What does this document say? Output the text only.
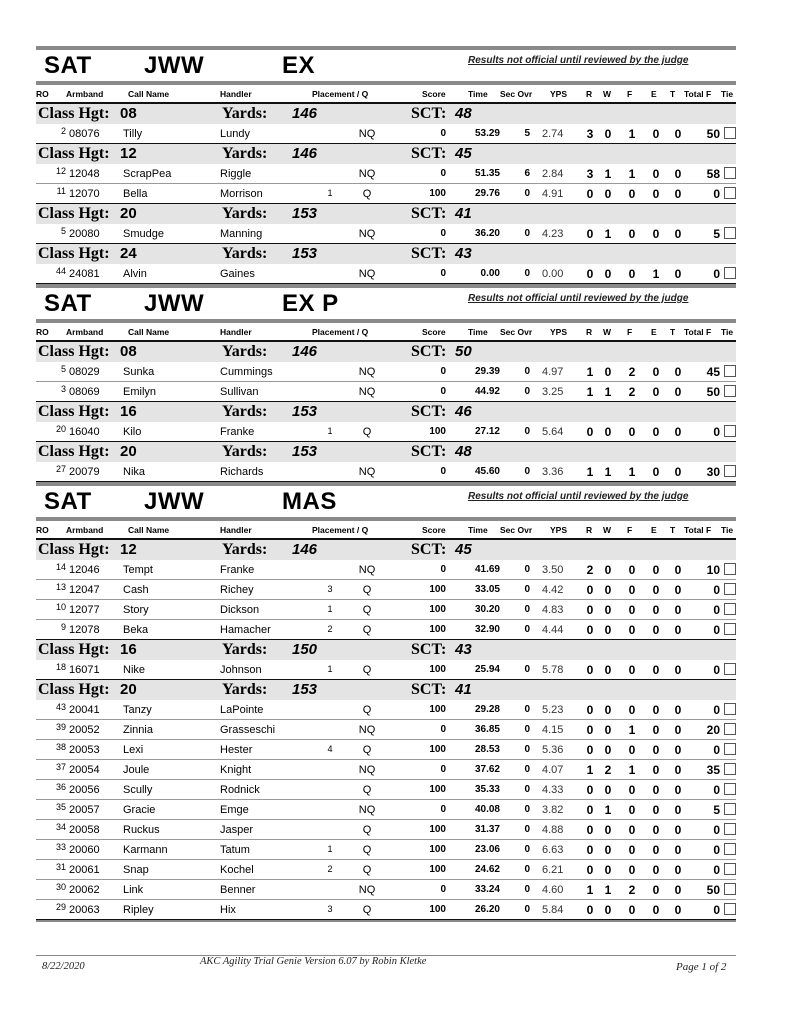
SAT JWW	EX	Results not official until reviewed by the judge
RO Armband	Call Name	Handler	Placement / Q	Score	Time Sec Ovr YPS R W F E T Total F Tie
Class Hgt: 08	Yards: 146	SCT: 48
2 08076 Tilly	Lundy	NQ	0	53.29	5 2.74	3 0 1 0 0	50
Class Hgt: 12	Yards: 146	SCT: 45
12 12048 ScrapPea	Riggle	NQ	0	51.35	6 2.84	3 1 1 0 0	58
11 12070 Bella	Morrison	1	Q	100	29.76	0 4.91	0 0 0 0 0	0
Class Hgt: 20	Yards: 153	SCT: 41
5 20080 Smudge	Manning	NQ	0	36.20	0 4.23	0 1 0 0 0	5
Class Hgt: 24	Yards: 153	SCT: 43
44 24081 Alvin	Gaines	NQ	0	0.00	0 0.00	0 0 0 1 0	0
SAT JWW	EX P	Results not official until reviewed by the judge
RO Armband	Call Name	Handler	Placement / Q	Score	Time Sec Ovr YPS R W F E T Total F Tie
Class Hgt: 08	Yards: 146	SCT: 50
5 08029 Sunka	Cummings	NQ	0	29.39	0 4.97	1 0 2 0 0	45
3 08069 Emilyn	Sullivan	NQ	0	44.92	0 3.25	1 1 2 0 0	50
Class Hgt: 16	Yards: 153	SCT: 46
20 16040 Kilo	Franke	1	Q	100	27.12	0 5.64	0 0 0 0 0	0
Class Hgt: 20	Yards: 153	SCT: 48
27 20079 Nika	Richards	NQ	0	45.60	0 3.36	1 1 1 0 0	30
SAT JWW	MAS	Results not official until reviewed by the judge
RO Armband	Call Name	Handler	Placement / Q	Score	Time Sec Ovr YPS R W F E T Total F Tie
Class Hgt: 12	Yards: 146	SCT: 45
14 12046 Tempt	Franke	NQ	0	41.69	0 3.50	2 0 0 0 0	10
13 12047 Cash	Richey	3	Q	100	33.05	0 4.42	0 0 0 0 0	0
10 12077 Story	Dickson	1	Q	100	30.20	0 4.83	0 0 0 0 0	0
9 12078 Beka	Hamacher	2	Q	100	32.90	0 4.44	0 0 0 0 0	0
Class Hgt: 16	Yards: 150	SCT: 43
18 16071 Nike	Johnson	1	Q	100	25.94	0 5.78	0 0 0 0 0	0
Class Hgt: 20	Yards: 153	SCT: 41
43 20041 Tanzy	LaPointe	Q	100	29.28	0 5.23	0 0 0 0 0	0
39 20052 Zinnia	Grasseschi	NQ	0	36.85	0 4.15	0 0 1 0 0	20
38 20053 Lexi	Hester	4	Q	100	28.53	0 5.36	0 0 0 0 0	0
37 20054 Joule	Knight	NQ	0	37.62	0 4.07	1 2 1 0 0	35
36 20056 Scully	Rodnick	Q	100	35.33	0 4.33	0 0 0 0 0	0
35 20057 Gracie	Emge	NQ	0	40.08	0 3.82	0 1 0 0 0	5
34 20058 Ruckus	Jasper	Q	100	31.37	0 4.88	0 0 0 0 0	0
33 20060 Karmann	Tatum	1	Q	100	23.06	0 6.63	0 0 0 0 0	0
31 20061 Snap	Kochel	2	Q	100	24.62	0 6.21	0 0 0 0 0	0
30 20062 Link	Benner	NQ	0	33.24	0 4.60	1 1 2 0 0	50
29 20063 Ripley	Hix	3	Q	100	26.20	0 5.84	0 0 0 0 0	0
8/22/2020	AKC Agility Trial Genie Version 6.07 by Robin Kletke	Page 1 of 2
